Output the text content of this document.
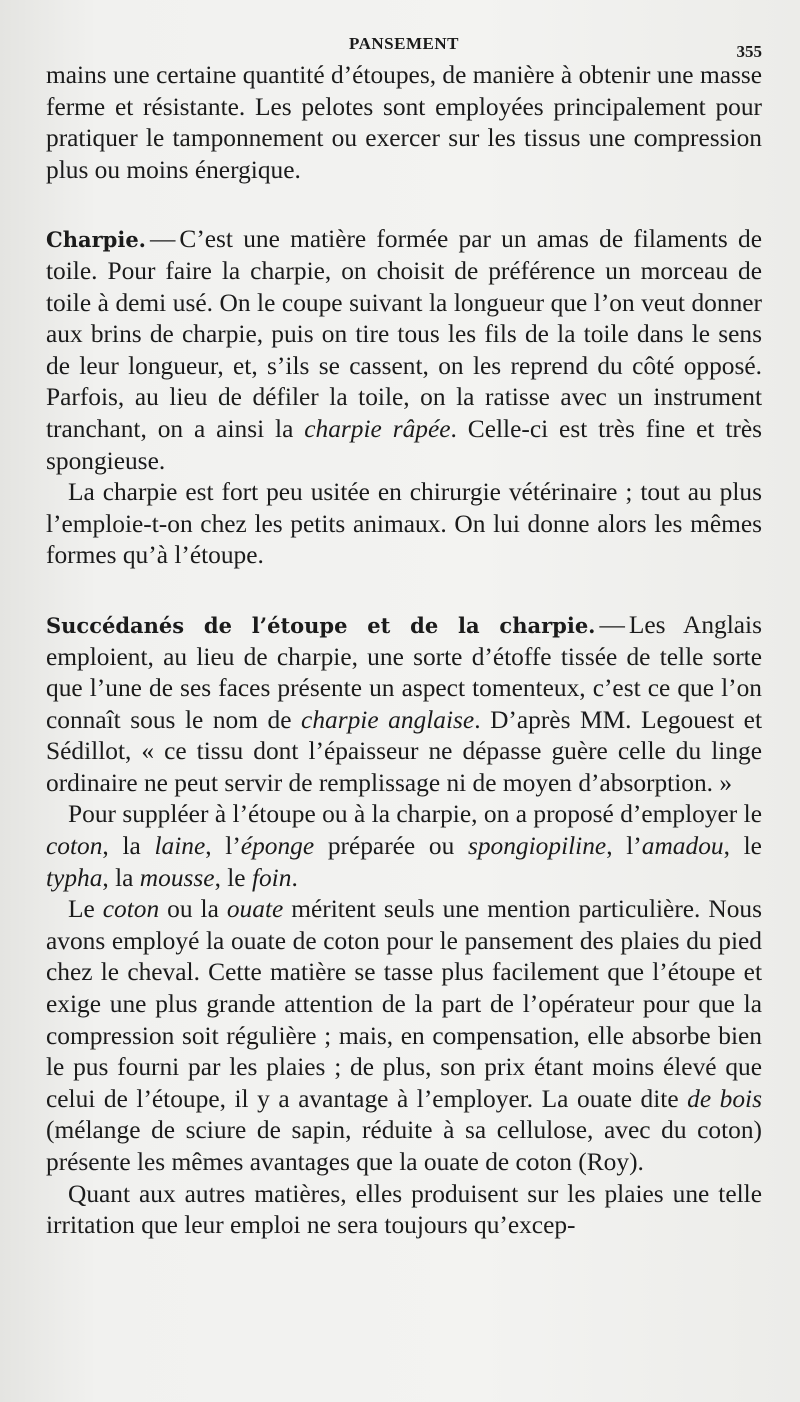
PANSEMENT	355

mains une certaine quantité d’étoupes, de manière à obtenir une masse ferme et résistante. Les pelotes sont employées principalement pour pratiquer le tamponnement ou exercer sur les tissus une compression plus ou moins énergique.

Charpie. — C’est une matière formée par un amas de filaments de toile. Pour faire la charpie, on choisit de préférence un morceau de toile à demi usé. On le coupe suivant la longueur que l’on veut donner aux brins de charpie, puis on tire tous les fils de la toile dans le sens de leur longueur, et, s’ils se cassent, on les reprend du côté opposé. Parfois, au lieu de défiler la toile, on la ratisse avec un instrument tranchant, on a ainsi la charpie râpée. Celle-ci est très fine et très spongieuse.

La charpie est fort peu usitée en chirurgie vétérinaire ; tout au plus l’emploie-t-on chez les petits animaux. On lui donne alors les mêmes formes qu’à l’étoupe.

Succédanés de l’étoupe et de la charpie. — Les Anglais emploient, au lieu de charpie, une sorte d’étoffe tissée de telle sorte que l’une de ses faces présente un aspect tomenteux, c’est ce que l’on connaît sous le nom de charpie anglaise. D’après MM. Legouest et Sédillot, « ce tissu dont l’épaisseur ne dépasse guère celle du linge ordinaire ne peut servir de remplissage ni de moyen d’absorption. »

Pour suppléer à l’étoupe ou à la charpie, on a proposé d’employer le coton, la laine, l’éponge préparée ou spongiopiline, l’amadou, le typha, la mousse, le foin.

Le coton ou la ouate méritent seuls une mention particulière. Nous avons employé la ouate de coton pour le pansement des plaies du pied chez le cheval. Cette matière se tasse plus facilement que l’étoupe et exige une plus grande attention de la part de l’opérateur pour que la compression soit régulière ; mais, en compensation, elle absorbe bien le pus fourni par les plaies ; de plus, son prix étant moins élevé que celui de l’étoupe, il y a avantage à l’employer. La ouate dite de bois (mélange de sciure de sapin, réduite à sa cellulose, avec du coton) présente les mêmes avantages que la ouate de coton (Roy).

Quant aux autres matières, elles produisent sur les plaies une telle irritation que leur emploi ne sera toujours qu’excep-
